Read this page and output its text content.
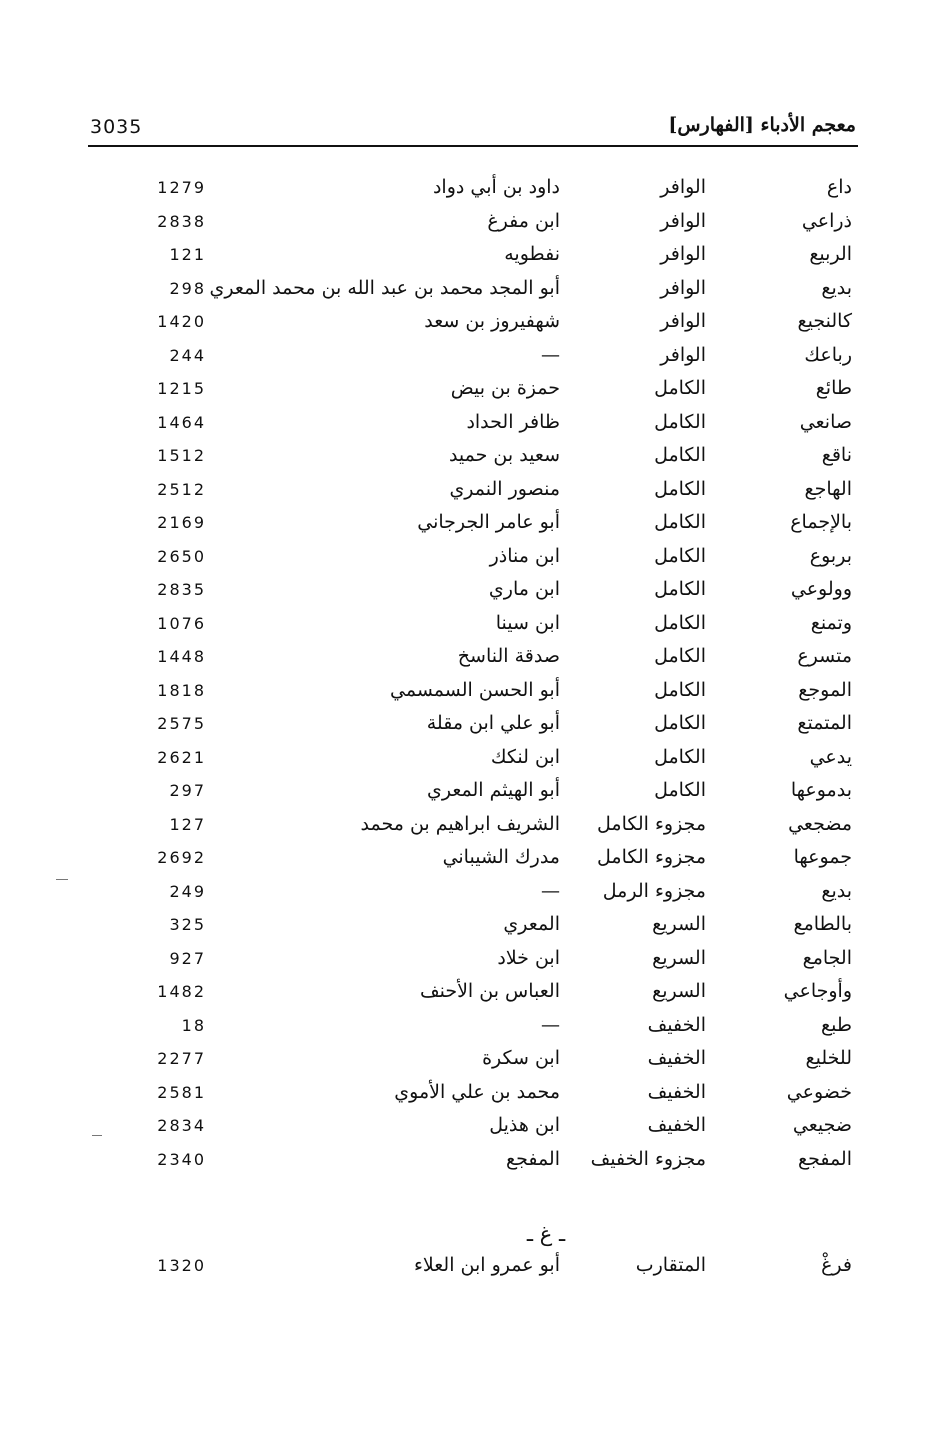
3035	معجم الأدباء [الفهارس]
داع
الوافر
داود بن أبي دواد
1279
ذراعي
الوافر
ابن مفرغ
2838
الربيع
الوافر
نفطويه
121
بديع
الوافر
أبو المجد محمد بن عبد الله بن محمد المعري
298
كالنجيع
الوافر
شهفيروز بن سعد
1420
رباعك
الوافر
—
244
طائع
الكامل
حمزة بن بيض
1215
صانعي
الكامل
ظافر الحداد
1464
ناقع
الكامل
سعيد بن حميد
1512
الهاجع
الكامل
منصور النمري
2512
بالإجماع
الكامل
أبو عامر الجرجاني
2169
بربوع
الكامل
ابن مناذر
2650
وولوعي
الكامل
ابن ماري
2835
وتمنع
الكامل
ابن سينا
1076
متسرع
الكامل
صدقة الناسخ
1448
الموجع
الكامل
أبو الحسن السمسمي
1818
المتمتع
الكامل
أبو علي ابن مقلة
2575
يدعي
الكامل
ابن لنكك
2621
بدموعها
الكامل
أبو الهيثم المعري
297
مضجعي
مجزوء الكامل
الشريف ابراهيم بن محمد
127
جموعها
مجزوء الكامل
مدرك الشيباني
2692
بديع
مجزوء الرمل
—
249
بالطامع
السريع
المعري
325
الجامع
السريع
ابن خلاد
927
وأوجاعي
السريع
العباس بن الأحنف
1482
طبع
الخفيف
—
18
للخليع
الخفيف
ابن سكرة
2277
خضوعي
الخفيف
محمد بن علي الأموي
2581
ضجيعي
الخفيف
ابن هذيل
2834
المفجع
مجزوء الخفيف
المفجع
2340
ـ غ ـ
فرغْ
المتقارب
أبو عمرو ابن العلاء
1320
